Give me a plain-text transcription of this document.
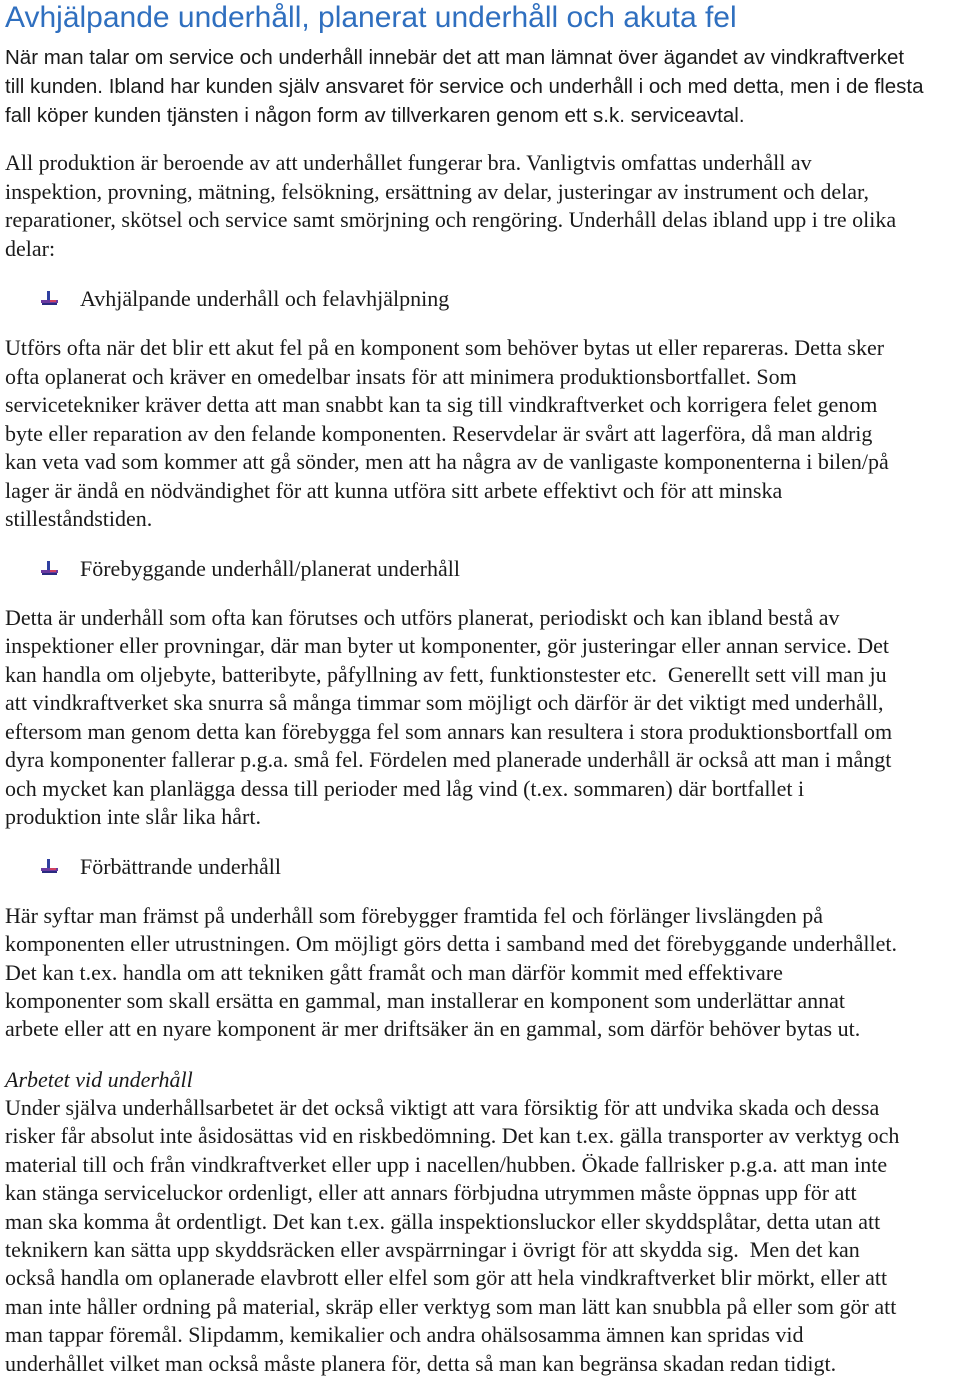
Avhjälpande underhåll, planerat underhåll och akuta fel
När man talar om service och underhåll innebär det att man lämnat över ägandet av vindkraftverket
till kunden. Ibland har kunden själv ansvaret för service och underhåll i och med detta, men i de flesta
fall köper kunden tjänsten i någon form av tillverkaren genom ett s.k. serviceavtal.
All produktion är beroende av att underhållet fungerar bra. Vanligtvis omfattas underhåll av
inspektion, provning, mätning, felsökning, ersättning av delar, justeringar av instrument och delar,
reparationer, skötsel och service samt smörjning och rengöring. Underhåll delas ibland upp i tre olika
delar:
Avhjälpande underhåll och felavhjälpning
Utförs ofta när det blir ett akut fel på en komponent som behöver bytas ut eller repareras. Detta sker
ofta oplanerat och kräver en omedelbar insats för att minimera produktionsbortfallet. Som
servicetekniker kräver detta att man snabbt kan ta sig till vindkraftverket och korrigera felet genom
byte eller reparation av den felande komponenten. Reservdelar är svårt att lagerföra, då man aldrig
kan veta vad som kommer att gå sönder, men att ha några av de vanligaste komponenterna i bilen/på
lager är ändå en nödvändighet för att kunna utföra sitt arbete effektivt och för att minska
stilleståndstiden.
Förebyggande underhåll/planerat underhåll
Detta är underhåll som ofta kan förutses och utförs planerat, periodiskt och kan ibland bestå av
inspektioner eller provningar, där man byter ut komponenter, gör justeringar eller annan service. Det
kan handla om oljebyte, batteribyte, påfyllning av fett, funktionstester etc.  Generellt sett vill man ju
att vindkraftverket ska snurra så många timmar som möjligt och därför är det viktigt med underhåll,
eftersom man genom detta kan förebygga fel som annars kan resultera i stora produktionsbortfall om
dyra komponenter fallerar p.g.a. små fel. Fördelen med planerade underhåll är också att man i mångt
och mycket kan planlägga dessa till perioder med låg vind (t.ex. sommaren) där bortfallet i
produktion inte slår lika hårt.
Förbättrande underhåll
Här syftar man främst på underhåll som förebygger framtida fel och förlänger livslängden på
komponenten eller utrustningen. Om möjligt görs detta i samband med det förebyggande underhållet.
Det kan t.ex. handla om att tekniken gått framåt och man därför kommit med effektivare
komponenter som skall ersätta en gammal, man installerar en komponent som underlättar annat
arbete eller att en nyare komponent är mer driftsäker än en gammal, som därför behöver bytas ut.
Arbetet vid underhåll
Under själva underhållsarbetet är det också viktigt att vara försiktig för att undvika skada och dessa
risker får absolut inte åsidosättas vid en riskbedömning. Det kan t.ex. gälla transporter av verktyg och
material till och från vindkraftverket eller upp i nacellen/hubben. Ökade fallrisker p.g.a. att man inte
kan stänga serviceluckor ordenligt, eller att annars förbjudna utrymmen måste öppnas upp för att
man ska komma åt ordentligt. Det kan t.ex. gälla inspektionsluckor eller skyddsplåtar, detta utan att
teknikern kan sätta upp skyddsräcken eller avspärrningar i övrigt för att skydda sig.  Men det kan
också handla om oplanerade elavbrott eller elfel som gör att hela vindkraftverket blir mörkt, eller att
man inte håller ordning på material, skräp eller verktyg som man lätt kan snubbla på eller som gör att
man tappar föremål. Slipdamm, kemikalier och andra ohälsosamma ämnen kan spridas vid
underhållet vilket man också måste planera för, detta så man kan begränsa skadan redan tidigt.
